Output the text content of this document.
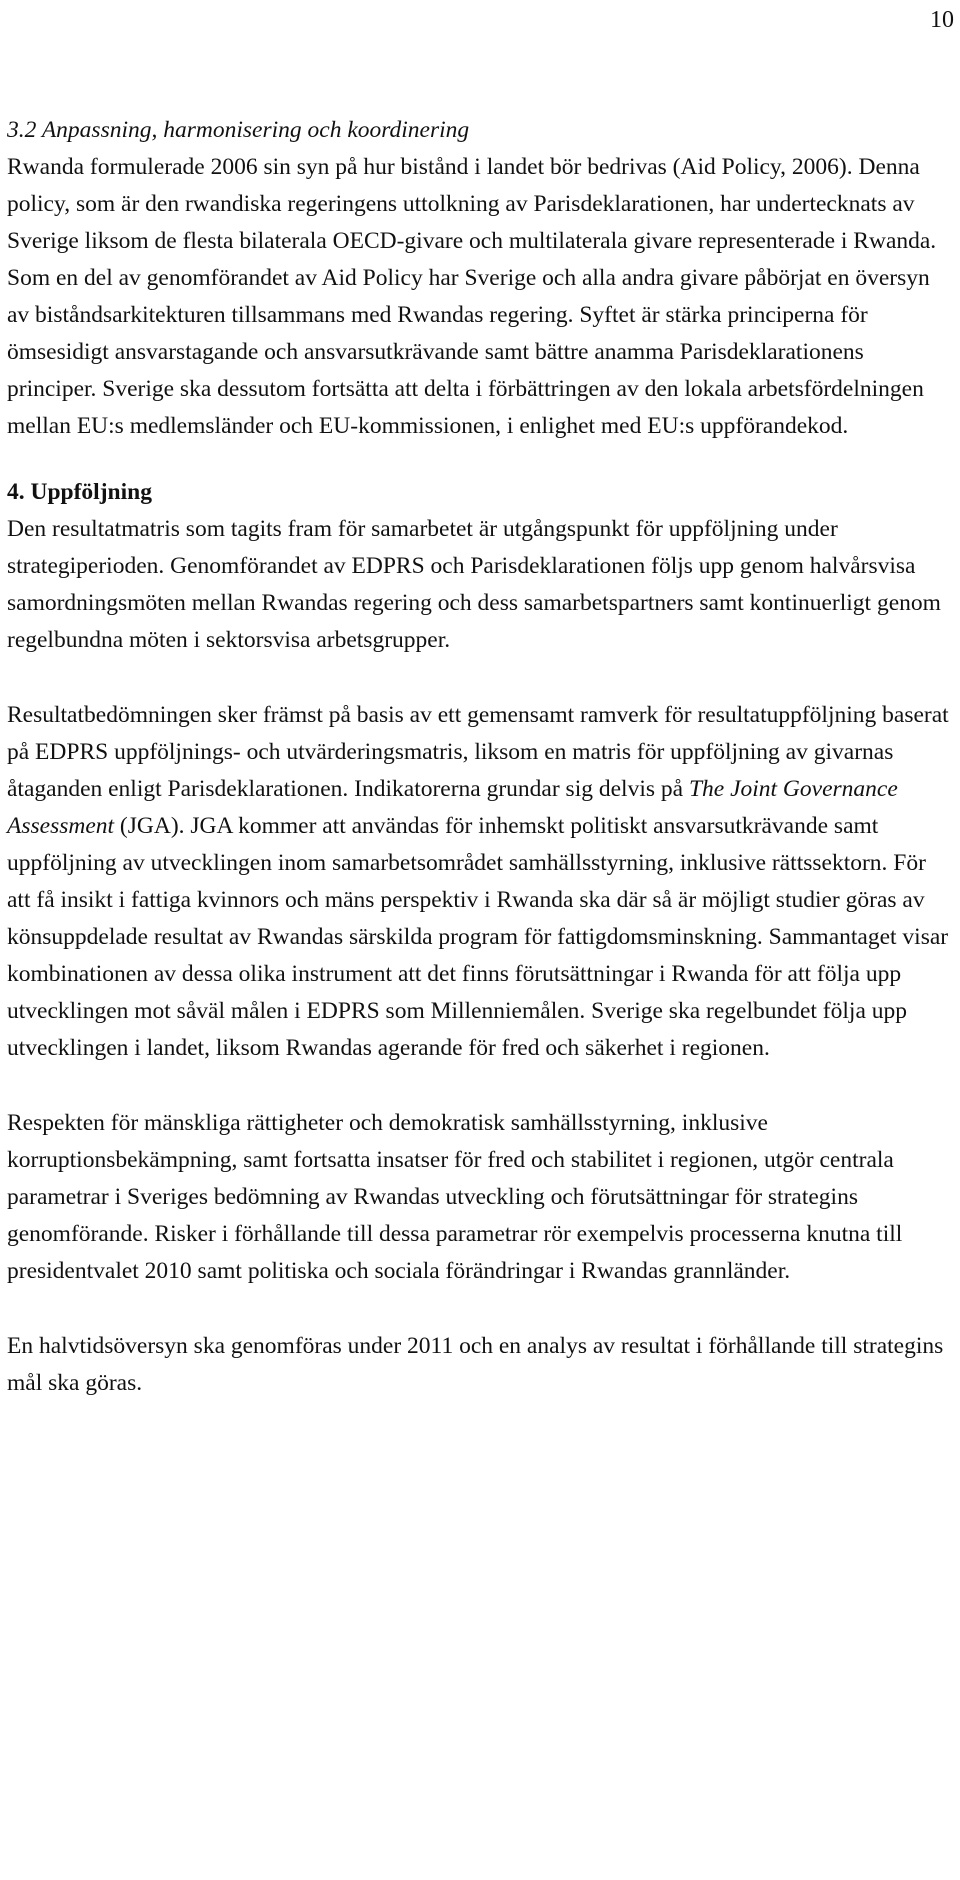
10

3.2 Anpassning, harmonisering och koordinering

Rwanda formulerade 2006 sin syn på hur bistånd i landet bör bedrivas (Aid Policy, 2006). Denna policy, som är den rwandiska regeringens uttolkning av Parisdeklarationen, har undertecknats av Sverige liksom de flesta bilaterala OECD-givare och multilaterala givare representerade i Rwanda. Som en del av genomförandet av Aid Policy har Sverige och alla andra givare påbörjat en översyn av biståndsarkitekturen tillsammans med Rwandas regering. Syftet är stärka principerna för ömsesidigt ansvarstagande och ansvarsutkrävande samt bättre anamma Parisdeklarationens principer. Sverige ska dessutom fortsätta att delta i förbättringen av den lokala arbetsfördelningen mellan EU:s medlemsländer och EU-kommissionen, i enlighet med EU:s uppförandekod.

4. Uppföljning

Den resultatmatris som tagits fram för samarbetet är utgångspunkt för uppföljning under strategiperioden. Genomförandet av EDPRS och Parisdeklarationen följs upp genom halvårsvisa samordningsmöten mellan Rwandas regering och dess samarbetspartners samt kontinuerligt genom regelbundna möten i sektorsvisa arbetsgrupper.

Resultatbedömningen sker främst på basis av ett gemensamt ramverk för resultatuppföljning baserat på EDPRS uppföljnings- och utvärderingsmatris, liksom en matris för uppföljning av givarnas åtaganden enligt Parisdeklarationen. Indikatorerna grundar sig delvis på The Joint Governance Assessment (JGA). JGA kommer att användas för inhemskt politiskt ansvarsutkrävande samt uppföljning av utvecklingen inom samarbetsområdet samhällsstyrning, inklusive rättssektorn. För att få insikt i fattiga kvinnors och mäns perspektiv i Rwanda ska där så är möjligt studier göras av könsuppdelade resultat av Rwandas särskilda program för fattigdomsminskning. Sammantaget visar kombinationen av dessa olika instrument att det finns förutsättningar i Rwanda för att följa upp utvecklingen mot såväl målen i EDPRS som Millenniemålen. Sverige ska regelbundet följa upp utvecklingen i landet, liksom Rwandas agerande för fred och säkerhet i regionen.

Respekten för mänskliga rättigheter och demokratisk samhällsstyrning, inklusive korruptionsbekämpning, samt fortsatta insatser för fred och stabilitet i regionen, utgör centrala parametrar i Sveriges bedömning av Rwandas utveckling och förutsättningar för strategins genomförande. Risker i förhållande till dessa parametrar rör exempelvis processerna knutna till presidentvalet 2010 samt politiska och sociala förändringar i Rwandas grannländer.

En halvtidsöversyn ska genomföras under 2011 och en analys av resultat i förhållande till strategins mål ska göras.
